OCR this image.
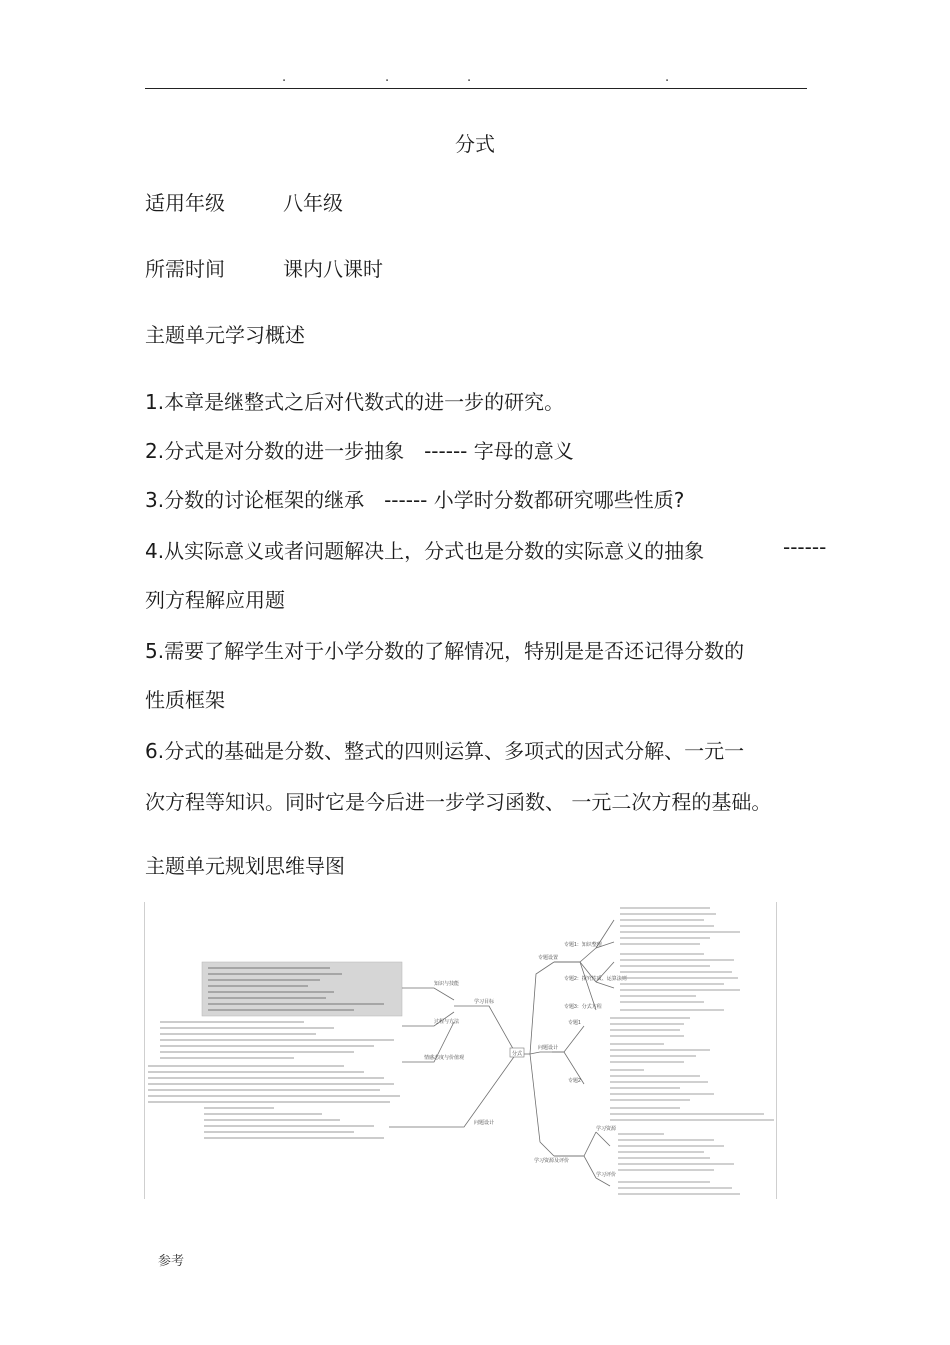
.	.	.	.
分式
适用年级	八年级
所需时间	课内八课时
主题单元学习概述
1.本章是继整式之后对代数式的进一步的研究。
2.分式是对分数的进一步抽象 ------ 字母的意义
3.分数的讨论框架的继承 ------ 小学时分数都研究哪些性质?
4.从实际意义或者问题解决上，分式也是分数的实际意义的抽象	------
列方程解应用题
5.需要了解学生对于小学分数的了解情况，特别是是否还记得分数的
性质框架
6.分式的基础是分数、整式的四则运算、多项式的因式分解、一元一
次方程等知识。同时它是今后进一步学习函数、 一元二次方程的基础。
主题单元规划思维导图
知识与技能
过程与方法
情感态度与价值观
问题设计
分式
专题设置
学习目标
问题设计
学习资源及评价
专题1：知识整理
专题2：探究性质、运算法则
专题3：分式方程
专题1
专题2
学习资源
学习评价
参考
